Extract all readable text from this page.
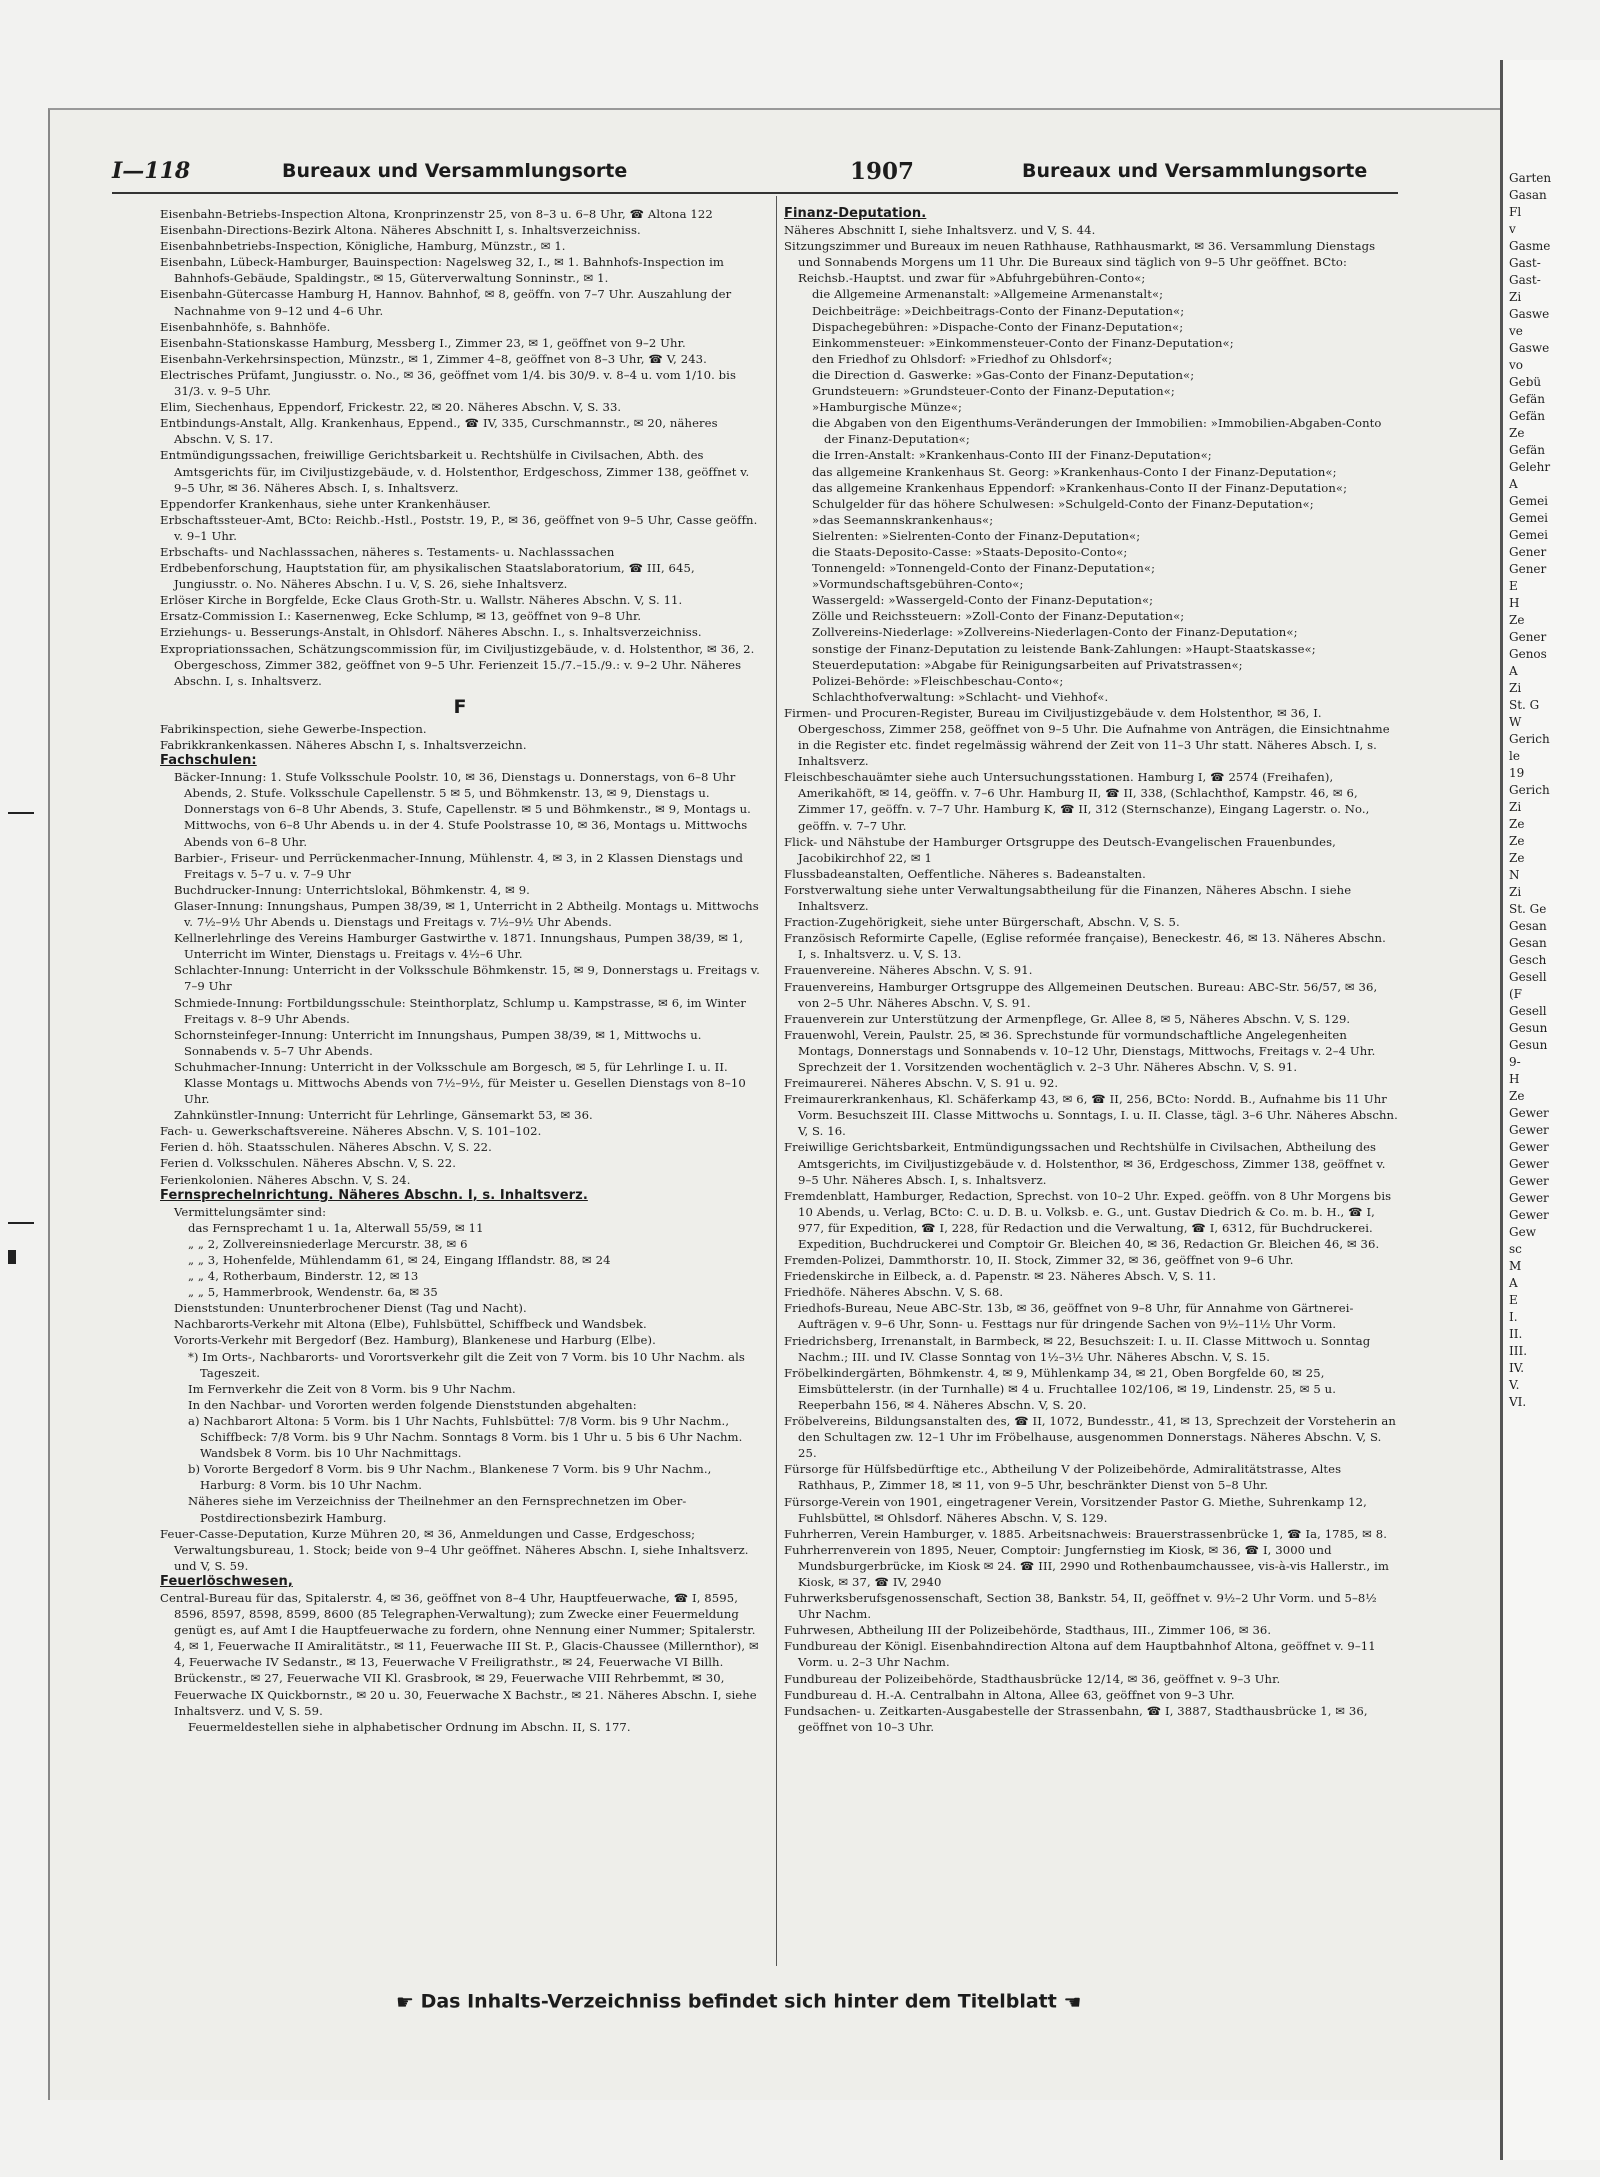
I—118	Bureaux und Versammlungsorte	1907	Bureaux und Versammlungsorte

Eisenbahn-Betriebs-Inspection Altona, Kronprinzenstr 25, von 8–3 u. 6–8 Uhr, ☎ Altona 122

Eisenbahn-Directions-Bezirk Altona. Näheres Abschnitt I, s. Inhaltsverzeichniss.

Eisenbahnbetriebs-Inspection, Königliche, Hamburg, Münzstr., ✉ 1.

Eisenbahn, Lübeck-Hamburger, Bauinspection: Nagelsweg 32, I., ✉ 1. Bahnhofs-Inspection im Bahnhofs-Gebäude, Spaldingstr., ✉ 15, Güterverwaltung Sonninstr., ✉ 1.

Eisenbahn-Gütercasse Hamburg H, Hannov. Bahnhof, ✉ 8, geöffn. von 7–7 Uhr. Auszahlung der Nachnahme von 9–12 und 4–6 Uhr.

Eisenbahnhöfe, s. Bahnhöfe.

Eisenbahn-Stationskasse Hamburg, Messberg I., Zimmer 23, ✉ 1, geöffnet von 9–2 Uhr.

Eisenbahn-Verkehrsinspection, Münzstr., ✉ 1, Zimmer 4–8, geöffnet von 8–3 Uhr, ☎ V, 243.

Electrisches Prüfamt, Jungiusstr. o. No., ✉ 36, geöffnet vom 1/4. bis 30/9. v. 8–4 u. vom 1/10. bis 31/3. v. 9–5 Uhr.

Elim, Siechenhaus, Eppendorf, Frickestr. 22, ✉ 20. Näheres Abschn. V, S. 33.

Entbindungs-Anstalt, Allg. Krankenhaus, Eppend., ☎ IV, 335, Curschmannstr., ✉ 20, näheres Abschn. V, S. 17.

Entmündigungssachen, freiwillige Gerichtsbarkeit u. Rechtshülfe in Civilsachen, Abth. des Amtsgerichts für, im Civiljustizgebäude, v. d. Holstenthor, Erdgeschoss, Zimmer 138, geöffnet v. 9–5 Uhr, ✉ 36. Näheres Absch. I, s. Inhaltsverz.

Eppendorfer Krankenhaus, siehe unter Krankenhäuser.

Erbschaftssteuer-Amt, BCto: Reichb.-Hstl., Poststr. 19, P., ✉ 36, geöffnet von 9–5 Uhr, Casse geöffn. v. 9–1 Uhr.

Erbschafts- und Nachlasssachen, näheres s. Testaments- u. Nachlasssachen

Erdbebenforschung, Hauptstation für, am physikalischen Staatslaboratorium, ☎ III, 645, Jungiusstr. o. No. Näheres Abschn. I u. V, S. 26, siehe Inhaltsverz.

Erlöser Kirche in Borgfelde, Ecke Claus Groth-Str. u. Wallstr. Näheres Abschn. V, S. 11.

Ersatz-Commission I.: Kasernenweg, Ecke Schlump, ✉ 13, geöffnet von 9–8 Uhr.

Erziehungs- u. Besserungs-Anstalt, in Ohlsdorf. Näheres Abschn. I., s. Inhaltsverzeichniss.

Expropriationssachen, Schätzungscommission für, im Civiljustizgebäude, v. d. Holstenthor, ✉ 36, 2. Obergeschoss, Zimmer 382, geöffnet von 9–5 Uhr. Ferienzeit 15./7.–15./9.: v. 9–2 Uhr. Näheres Abschn. I, s. Inhaltsverz.

F

Fabrikinspection, siehe Gewerbe-Inspection.

Fabrikkrankenkassen. Näheres Abschn I, s. Inhaltsverzeichn.

Fachschulen:

Bäcker-Innung: 1. Stufe Volksschule Poolstr. 10, ✉ 36, Dienstags u. Donnerstags, von 6–8 Uhr Abends, 2. Stufe. Volksschule Capellenstr. 5 ✉ 5, und Böhmkenstr. 13, ✉ 9, Dienstags u. Donnerstags von 6–8 Uhr Abends, 3. Stufe, Capellenstr. ✉ 5 und Böhmkenstr., ✉ 9, Montags u. Mittwochs, von 6–8 Uhr Abends u. in der 4. Stufe Poolstrasse 10, ✉ 36, Montags u. Mittwochs Abends von 6–8 Uhr.

Barbier-, Friseur- und Perrückenmacher-Innung, Mühlenstr. 4, ✉ 3, in 2 Klassen Dienstags und Freitags v. 5–7 u. v. 7–9 Uhr

Buchdrucker-Innung: Unterrichtslokal, Böhmkenstr. 4, ✉ 9.

Glaser-Innung: Innungshaus, Pumpen 38/39, ✉ 1, Unterricht in 2 Abtheilg. Montags u. Mittwochs v. 7½–9½ Uhr Abends u. Dienstags und Freitags v. 7½–9½ Uhr Abends.

Kellnerlehrlinge des Vereins Hamburger Gastwirthe v. 1871. Innungshaus, Pumpen 38/39, ✉ 1, Unterricht im Winter, Dienstags u. Freitags v. 4½–6 Uhr.

Schlachter-Innung: Unterricht in der Volksschule Böhmkenstr. 15, ✉ 9, Donnerstags u. Freitags v. 7–9 Uhr

Schmiede-Innung: Fortbildungsschule: Steinthorplatz, Schlump u. Kampstrasse, ✉ 6, im Winter Freitags v. 8–9 Uhr Abends.

Schornsteinfeger-Innung: Unterricht im Innungshaus, Pumpen 38/39, ✉ 1, Mittwochs u. Sonnabends v. 5–7 Uhr Abends.

Schuhmacher-Innung: Unterricht in der Volksschule am Borgesch, ✉ 5, für Lehrlinge I. u. II. Klasse Montags u. Mittwochs Abends von 7½–9½, für Meister u. Gesellen Dienstags von 8–10 Uhr.

Zahnkünstler-Innung: Unterricht für Lehrlinge, Gänsemarkt 53, ✉ 36.

Fach- u. Gewerkschaftsvereine. Näheres Abschn. V, S. 101–102.

Ferien d. höh. Staatsschulen. Näheres Abschn. V, S. 22.

Ferien d. Volksschulen. Näheres Abschn. V, S. 22.

Ferienkolonien. Näheres Abschn. V, S. 24.

Fernsprechelnrichtung. Näheres Abschn. I, s. Inhaltsverz.

Vermittelungsämter sind:

das Fernsprechamt 1 u. 1a, Alterwall 55/59, ✉ 11

„ „ 2, Zollvereinsniederlage Mercurstr. 38, ✉ 6

„ „ 3, Hohenfelde, Mühlendamm 61, ✉ 24, Eingang Ifflandstr. 88, ✉ 24

„ „ 4, Rotherbaum, Binderstr. 12, ✉ 13

„ „ 5, Hammerbrook, Wendenstr. 6a, ✉ 35

Dienststunden: Ununterbrochener Dienst (Tag und Nacht).

Nachbarorts-Verkehr mit Altona (Elbe), Fuhlsbüttel, Schiffbeck und Wandsbek.

Vororts-Verkehr mit Bergedorf (Bez. Hamburg), Blankenese und Harburg (Elbe).

*) Im Orts-, Nachbarorts- und Vorortsverkehr gilt die Zeit von 7 Vorm. bis 10 Uhr Nachm. als Tageszeit.

Im Fernverkehr die Zeit von 8 Vorm. bis 9 Uhr Nachm.

In den Nachbar- und Vororten werden folgende Dienststunden abgehalten:

a) Nachbarort Altona: 5 Vorm. bis 1 Uhr Nachts, Fuhlsbüttel: 7/8 Vorm. bis 9 Uhr Nachm., Schiffbeck: 7/8 Vorm. bis 9 Uhr Nachm. Sonntags 8 Vorm. bis 1 Uhr u. 5 bis 6 Uhr Nachm. Wandsbek 8 Vorm. bis 10 Uhr Nachmittags.

b) Vororte Bergedorf 8 Vorm. bis 9 Uhr Nachm., Blankenese 7 Vorm. bis 9 Uhr Nachm., Harburg: 8 Vorm. bis 10 Uhr Nachm.

Näheres siehe im Verzeichniss der Theilnehmer an den Fernsprechnetzen im Ober-Postdirectionsbezirk Hamburg.

Feuer-Casse-Deputation, Kurze Mühren 20, ✉ 36, Anmeldungen und Casse, Erdgeschoss; Verwaltungsbureau, 1. Stock; beide von 9–4 Uhr geöffnet. Näheres Abschn. I, siehe Inhaltsverz. und V, S. 59.

Feuerlöschwesen,

Central-Bureau für das, Spitalerstr. 4, ✉ 36, geöffnet von 8–4 Uhr, Hauptfeuerwache, ☎ I, 8595, 8596, 8597, 8598, 8599, 8600 (85 Telegraphen-Verwaltung); zum Zwecke einer Feuermeldung genügt es, auf Amt I die Hauptfeuerwache zu fordern, ohne Nennung einer Nummer; Spitalerstr. 4, ✉ 1, Feuerwache II Amiralitätstr., ✉ 11, Feuerwache III St. P., Glacis-Chaussee (Millernthor), ✉ 4, Feuerwache IV Sedanstr., ✉ 13, Feuerwache V Freiligrathstr., ✉ 24, Feuerwache VI Billh. Brückenstr., ✉ 27, Feuerwache VII Kl. Grasbrook, ✉ 29, Feuerwache VIII Rehrbemmt, ✉ 30, Feuerwache IX Quickbornstr., ✉ 20 u. 30, Feuerwache X Bachstr., ✉ 21. Näheres Abschn. I, siehe Inhaltsverz. und V, S. 59.

Feuermeldestellen siehe in alphabetischer Ordnung im Abschn. II, S. 177.

Finanz-Deputation.

Näheres Abschnitt I, siehe Inhaltsverz. und V, S. 44.

Sitzungszimmer und Bureaux im neuen Rathhause, Rathhausmarkt, ✉ 36. Versammlung Dienstags und Sonnabends Morgens um 11 Uhr. Die Bureaux sind täglich von 9–5 Uhr geöffnet. BCto: Reichsb.-Hauptst. und zwar für »Abfuhrgebühren-Conto«;

die Allgemeine Armenanstalt: »Allgemeine Armenanstalt«;

Deichbeiträge: »Deichbeitrags-Conto der Finanz-Deputation«;

Dispachegebühren: »Dispache-Conto der Finanz-Deputation«;

Einkommensteuer: »Einkommensteuer-Conto der Finanz-Deputation«;

den Friedhof zu Ohlsdorf: »Friedhof zu Ohlsdorf«;

die Direction d. Gaswerke: »Gas-Conto der Finanz-Deputation«;

Grundsteuern: »Grundsteuer-Conto der Finanz-Deputation«;

»Hamburgische Münze«;

die Abgaben von den Eigenthums-Veränderungen der Immobilien: »Immobilien-Abgaben-Conto der Finanz-Deputation«;

die Irren-Anstalt: »Krankenhaus-Conto III der Finanz-Deputation«;

das allgemeine Krankenhaus St. Georg: »Krankenhaus-Conto I der Finanz-Deputation«;

das allgemeine Krankenhaus Eppendorf: »Krankenhaus-Conto II der Finanz-Deputation«;

Schulgelder für das höhere Schulwesen: »Schulgeld-Conto der Finanz-Deputation«;

»das Seemannskrankenhaus«;

Sielrenten: »Sielrenten-Conto der Finanz-Deputation«;

die Staats-Deposito-Casse: »Staats-Deposito-Conto«;

Tonnengeld: »Tonnengeld-Conto der Finanz-Deputation«;

»Vormundschaftsgebühren-Conto«;

Wassergeld: »Wassergeld-Conto der Finanz-Deputation«;

Zölle und Reichssteuern: »Zoll-Conto der Finanz-Deputation«;

Zollvereins-Niederlage: »Zollvereins-Niederlagen-Conto der Finanz-Deputation«;

sonstige der Finanz-Deputation zu leistende Bank-Zahlungen: »Haupt-Staatskasse«;

Steuerdeputation: »Abgabe für Reinigungsarbeiten auf Privatstrassen«;

Polizei-Behörde: »Fleischbeschau-Conto«;

Schlachthofverwaltung: »Schlacht- und Viehhof«.

Firmen- und Procuren-Register, Bureau im Civiljustizgebäude v. dem Holstenthor, ✉ 36, I. Obergeschoss, Zimmer 258, geöffnet von 9–5 Uhr. Die Aufnahme von Anträgen, die Einsichtnahme in die Register etc. findet regelmässig während der Zeit von 11–3 Uhr statt. Näheres Absch. I, s. Inhaltsverz.

Fleischbeschauämter siehe auch Untersuchungsstationen. Hamburg I, ☎ 2574 (Freihafen), Amerikahöft, ✉ 14, geöffn. v. 7–6 Uhr. Hamburg II, ☎ II, 338, (Schlachthof, Kampstr. 46, ✉ 6, Zimmer 17, geöffn. v. 7–7 Uhr. Hamburg K, ☎ II, 312 (Sternschanze), Eingang Lagerstr. o. No., geöffn. v. 7–7 Uhr.

Flick- und Nähstube der Hamburger Ortsgruppe des Deutsch-Evangelischen Frauenbundes, Jacobikirchhof 22, ✉ 1

Flussbadeanstalten, Oeffentliche. Näheres s. Badeanstalten.

Forstverwaltung siehe unter Verwaltungsabtheilung für die Finanzen, Näheres Abschn. I siehe Inhaltsverz.

Fraction-Zugehörigkeit, siehe unter Bürgerschaft, Abschn. V, S. 5.

Französisch Reformirte Capelle, (Eglise reformée française), Beneckestr. 46, ✉ 13. Näheres Abschn. I, s. Inhaltsverz. u. V, S. 13.

Frauenvereine. Näheres Abschn. V, S. 91.

Frauenvereins, Hamburger Ortsgruppe des Allgemeinen Deutschen. Bureau: ABC-Str. 56/57, ✉ 36, von 2–5 Uhr. Näheres Abschn. V, S. 91.

Frauenverein zur Unterstützung der Armenpflege, Gr. Allee 8, ✉ 5, Näheres Abschn. V, S. 129.

Frauenwohl, Verein, Paulstr. 25, ✉ 36. Sprechstunde für vormundschaftliche Angelegenheiten Montags, Donnerstags und Sonnabends v. 10–12 Uhr, Dienstags, Mittwochs, Freitags v. 2–4 Uhr. Sprechzeit der 1. Vorsitzenden wochentäglich v. 2–3 Uhr. Näheres Abschn. V, S. 91.

Freimaurerei. Näheres Abschn. V, S. 91 u. 92.

Freimaurerkrankenhaus, Kl. Schäferkamp 43, ✉ 6, ☎ II, 256, BCto: Nordd. B., Aufnahme bis 11 Uhr Vorm. Besuchszeit III. Classe Mittwochs u. Sonntags, I. u. II. Classe, tägl. 3–6 Uhr. Näheres Abschn. V, S. 16.

Freiwillige Gerichtsbarkeit, Entmündigungssachen und Rechtshülfe in Civilsachen, Abtheilung des Amtsgerichts, im Civiljustizgebäude v. d. Holstenthor, ✉ 36, Erdgeschoss, Zimmer 138, geöffnet v. 9–5 Uhr. Näheres Absch. I, s. Inhaltsverz.

Fremdenblatt, Hamburger, Redaction, Sprechst. von 10–2 Uhr. Exped. geöffn. von 8 Uhr Morgens bis 10 Abends, u. Verlag, BCto: C. u. D. B. u. Volksb. e. G., unt. Gustav Diedrich & Co. m. b. H., ☎ I, 977, für Expedition, ☎ I, 228, für Redaction und die Verwaltung, ☎ I, 6312, für Buchdruckerei. Expedition, Buchdruckerei und Comptoir Gr. Bleichen 40, ✉ 36, Redaction Gr. Bleichen 46, ✉ 36.

Fremden-Polizei, Dammthorstr. 10, II. Stock, Zimmer 32, ✉ 36, geöffnet von 9–6 Uhr.

Friedenskirche in Eilbeck, a. d. Papenstr. ✉ 23. Näheres Absch. V, S. 11.

Friedhöfe. Näheres Abschn. V, S. 68.

Friedhofs-Bureau, Neue ABC-Str. 13b, ✉ 36, geöffnet von 9–8 Uhr, für Annahme von Gärtnerei-Aufträgen v. 9–6 Uhr, Sonn- u. Festtags nur für dringende Sachen von 9½–11½ Uhr Vorm.

Friedrichsberg, Irrenanstalt, in Barmbeck, ✉ 22, Besuchszeit: I. u. II. Classe Mittwoch u. Sonntag Nachm.; III. und IV. Classe Sonntag von 1½–3½ Uhr. Näheres Abschn. V, S. 15.

Fröbelkindergärten, Böhmkenstr. 4, ✉ 9, Mühlenkamp 34, ✉ 21, Oben Borgfelde 60, ✉ 25, Eimsbüttelerstr. (in der Turnhalle) ✉ 4 u. Fruchtallee 102/106, ✉ 19, Lindenstr. 25, ✉ 5 u. Reeperbahn 156, ✉ 4. Näheres Abschn. V, S. 20.

Fröbelvereins, Bildungsanstalten des, ☎ II, 1072, Bundesstr., 41, ✉ 13, Sprechzeit der Vorsteherin an den Schultagen zw. 12–1 Uhr im Fröbelhause, ausgenommen Donnerstags. Näheres Abschn. V, S. 25.

Fürsorge für Hülfsbedürftige etc., Abtheilung V der Polizeibehörde, Admiralitätstrasse, Altes Rathhaus, P., Zimmer 18, ✉ 11, von 9–5 Uhr, beschränkter Dienst von 5–8 Uhr.

Fürsorge-Verein von 1901, eingetragener Verein, Vorsitzender Pastor G. Miethe, Suhrenkamp 12, Fuhlsbüttel, ✉ Ohlsdorf. Näheres Abschn. V, S. 129.

Fuhrherren, Verein Hamburger, v. 1885. Arbeitsnachweis: Brauerstrassenbrücke 1, ☎ Ia, 1785, ✉ 8.

Fuhrherrenverein von 1895, Neuer, Comptoir: Jungfernstieg im Kiosk, ✉ 36, ☎ I, 3000 und Mundsburgerbrücke, im Kiosk ✉ 24. ☎ III, 2990 und Rothenbaumchaussee, vis-à-vis Hallerstr., im Kiosk, ✉ 37, ☎ IV, 2940

Fuhrwerksberufsgenossenschaft, Section 38, Bankstr. 54, II, geöffnet v. 9½–2 Uhr Vorm. und 5–8½ Uhr Nachm.

Fuhrwesen, Abtheilung III der Polizeibehörde, Stadthaus, III., Zimmer 106, ✉ 36.

Fundbureau der Königl. Eisenbahndirection Altona auf dem Hauptbahnhof Altona, geöffnet v. 9–11 Vorm. u. 2–3 Uhr Nachm.

Fundbureau der Polizeibehörde, Stadthausbrücke 12/14, ✉ 36, geöffnet v. 9–3 Uhr.

Fundbureau d. H.-A. Centralbahn in Altona, Allee 63, geöffnet von 9–3 Uhr.

Fundsachen- u. Zeitkarten-Ausgabestelle der Strassenbahn, ☎ I, 3887, Stadthausbrücke 1, ✉ 36, geöffnet von 10–3 Uhr.

☛ Das Inhalts-Verzeichniss befindet sich hinter dem Titelblatt ☚
Garten
Gasan
Fl
v
Gasme
Gast-
Gast-
Zi
Gaswe
ve
Gaswe
vo
Gebü
Gefän
Gefän
Ze
Gefän
Gelehr
A
Gemei
Gemei
Gemei
Gener
Gener
E
H
Ze
Gener
Genos
A
Zi
St. G
W
Gerich
le
19
Gerich
Zi
Ze
Ze
Ze
N
Zi
St. Ge
Gesan
Gesan
Gesch
Gesell
(F
Gesell
Gesun
Gesun
9-
H
Ze
Gewer
Gewer
Gewer
Gewer
Gewer
Gewer
Gewer
Gew
sc
M
A
E
I.
II.
III.
IV.
V.
VI.
